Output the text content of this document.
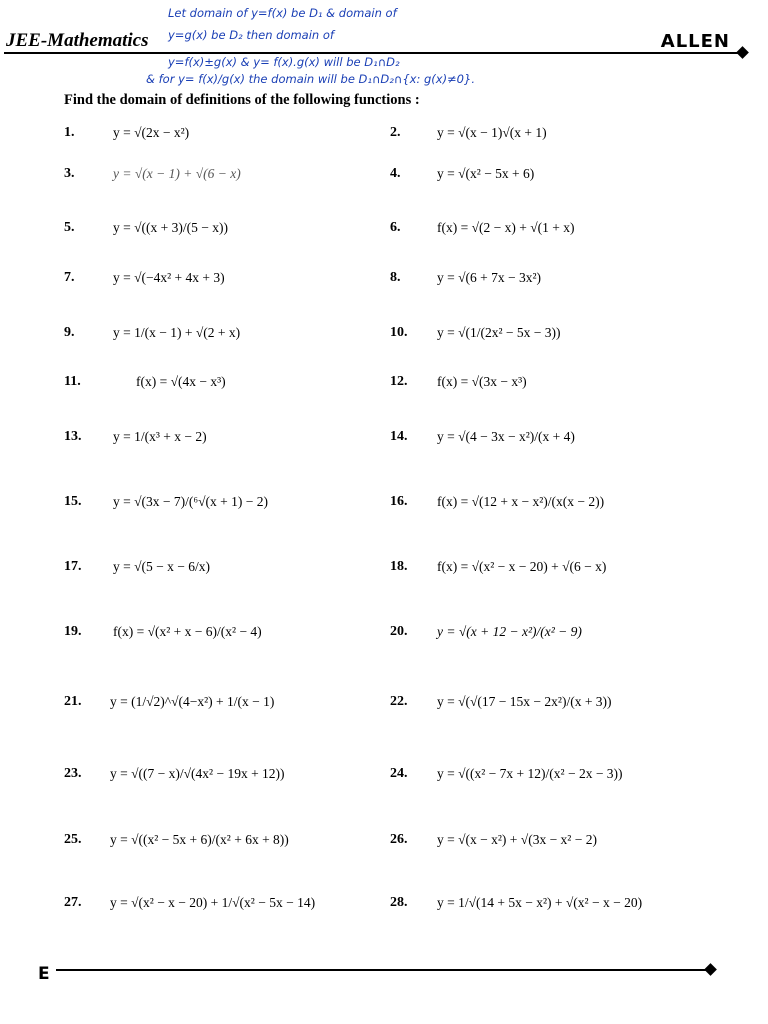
JEE-Mathematics	ALLEN
Let domain of y=f(x) be D₁ & domain of
y=g(x) be D₂ then domain of
y=f(x)±g(x) & y= f(x).g(x) will be D₁∩D₂
& for y= f(x)/g(x) the domain will be D₁∩D₂∩{x: g(x)≠0}.
Find the domain of definitions of the following functions :
1.	y = √(2x − x²)
3.	y = √(x − 1) + √(6 − x)
5.	y = √((x + 3)/(5 − x))
7.	y = √(−4x² + 4x + 3)
9.	y = 1/(x − 1) + √(2 + x)
11.	f(x) = √(4x − x³)
13. y = 1/(x³ + x − 2)
15. y = √(3x − 7)/(⁶√(x + 1) − 2)
17. y = √(5 − x − 6/x)
19. f(x) = √(x² + x − 6)/(x² − 4)
21. y = (1/√2)^√(4−x²) + 1/(x − 1)
23. y = √((7 − x)/√(4x² − 19x + 12))
25. y = √((x² − 5x + 6)/(x² + 6x + 8))
27. y = √(x² − x − 20) + 1/√(x² − 5x − 14)
2.	y = √(x − 1)√(x + 1)
4.	y = √(x² − 5x + 6)
6.	f(x) = √(2 − x) + √(1 + x)
8.	y = √(6 + 7x − 3x²)
10. y = √(1/(2x² − 5x − 3))
12. f(x) = √(3x − x³)
14. y = √(4 − 3x − x²)/(x + 4)
16. f(x) = √(12 + x − x²)/(x(x − 2))
18. f(x) = √(x² − x − 20) + √(6 − x)
20. y = √(x + 12 − x²)/(x² − 9)
22. y = √(√(17 − 15x − 2x²)/(x + 3))
24. y = √((x² − 7x + 12)/(x² − 2x − 3))
26. y = √(x − x²) + √(3x − x² − 2)
28. y = 1/√(14 + 5x − x²) + √(x² − x − 20)
E
